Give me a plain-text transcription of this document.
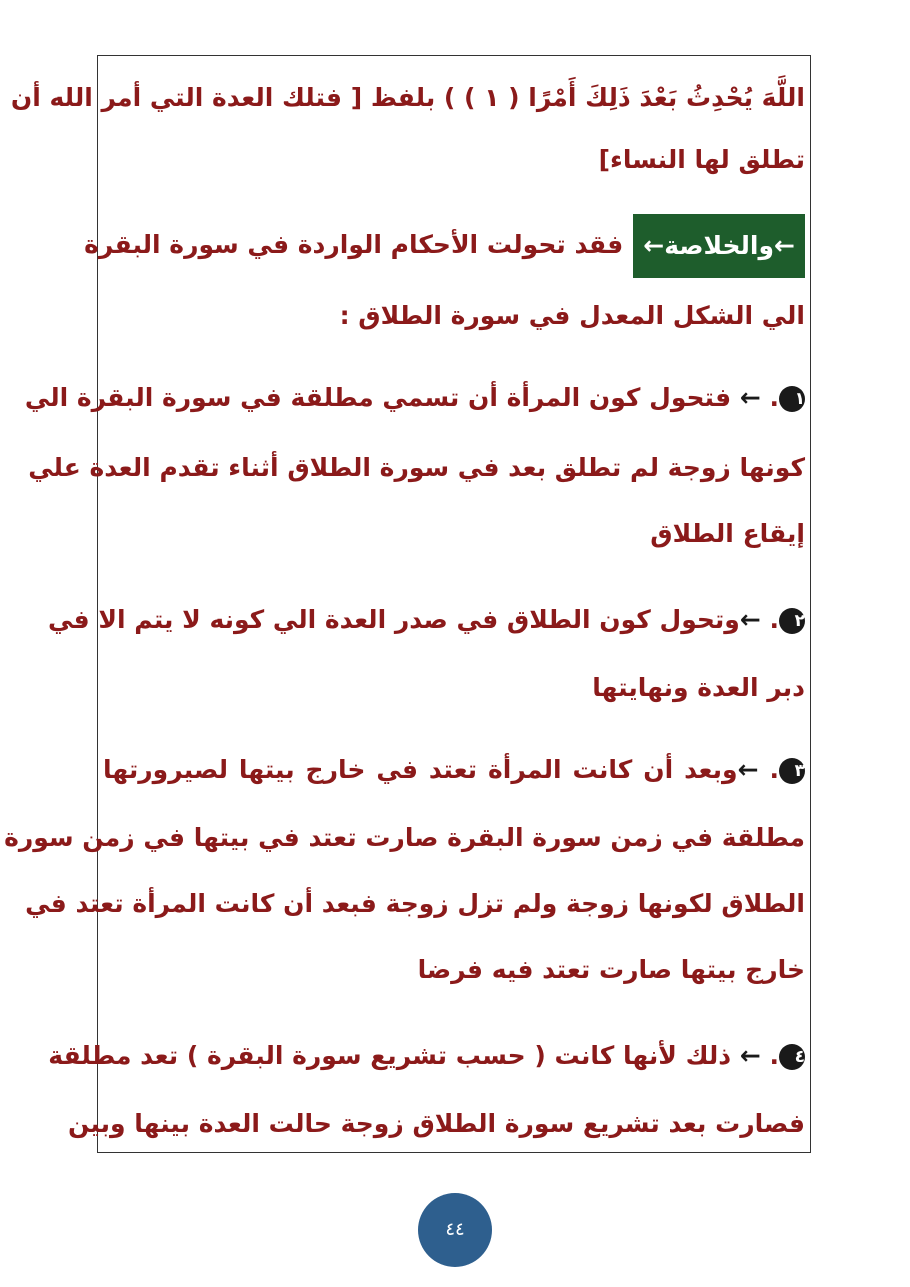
اللَّهَ يُحْدِثُ بَعْدَ ذَلِكَ أَمْرًا ( ١ ) ) بلفظ [ فتلك العدة التي أمر الله أن
تطلق لها النساء]
←والخلاصة←فقد تحولت الأحكام الواردة في سورة البقرة
الي الشكل المعدل في سورة الطلاق :
١. ← فتحول كون المرأة أن تسمي مطلقة في سورة البقرة الي
كونها زوجة لم تطلق بعد في سورة الطلاق أثناء تقدم العدة علي
إيقاع الطلاق
٢. ←وتحول كون الطلاق في صدر العدة الي كونه لا يتم الا في
دبر العدة ونهايتها
٣. ←وبعد أن كانت المرأة تعتد في خارج بيتها لصيرورتها
مطلقة في زمن سورة البقرة صارت تعتد في بيتها في زمن سورة
الطلاق لكونها زوجة ولم تزل زوجة فبعد أن كانت المرأة تعتد في
خارج بيتها صارت تعتد فيه فرضا
٤. ← ذلك لأنها كانت ( حسب تشريع سورة البقرة ) تعد مطلقة
فصارت بعد تشريع سورة الطلاق زوجة حالت العدة بينها وبين
٤٤
